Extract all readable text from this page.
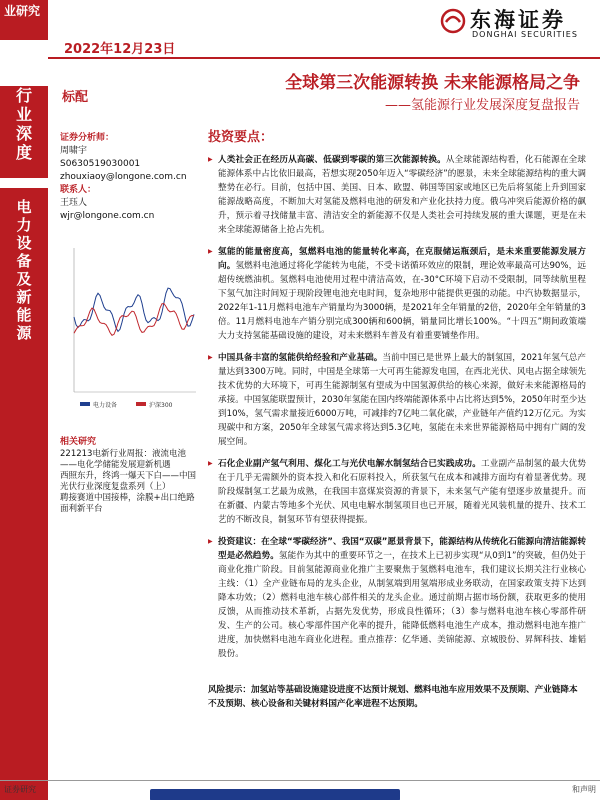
业研究
2022年12月23日
东海证券
DONGHAI SECURITIES
行业深度
电力设备及新能源
标配
全球第三次能源转换 未来能源格局之争
——氢能源行业发展深度复盘报告
证券分析师：
周啸宇
S0630519030001
zhouxiaoy@longone.com.cn
联系人：
王珏人
wjr@longone.com.cn
电力设备	沪深300
相关研究
221213电新行业周报：液流电池——电化学储能发展迎新机遇
西照东升，终鸿一爆天下白——中国光伏行业深度复盘系列（上）
聘接赛道中国接棒，涂膜+出口绝路面利新平台
投资要点：
▶ 人类社会正在经历从高碳、低碳到零碳的第三次能源转换。从全球能源结构看，化石能源在全球能源体系中占比依旧最高，若想实现2050年迈入“零碳经济”的愿景，未来全球能源结构的重大调整势在必行。目前，包括中国、美国、日本、欧盟、韩国等国家或地区已先后将氢能上升到国家能源战略高度，不断加大对氢能及燃料电池的研发和产业化扶持力度。俄乌冲突后能源价格的飙升，预示着寻找储量丰富、清洁安全的新能源不仅是人类社会可持续发展的重大课题，更是在未来全球能源储备上抢占先机。
▶ 氢能的能量密度高，氢燃料电池的能量转化率高，在克服储运瓶颈后，是未来重要能源发展方向。氢燃料电池通过将化学能转为电能，不受卡诺循环效应的限制，理论效率最高可达90%，远超传统燃油机。氢燃料电池使用过程中清洁高效，在-30°C环境下启动不受限制，同等续航里程下氢气加注时间短于现阶段锂电池充电时间，复杂地形中能提供更强的动能。中汽协数据显示，2022年1-11月燃料电池车产销量均为3000辆，是2021年全年销量的2倍，2020年全年销量的3倍。11月燃料电池车产销分别完成300辆和600辆，销量同比增长100%。“十四五”期间政策端大力支持氢能基础设施的建设，对未来燃料车普及有着重要铺垫作用。
▶ 中国具备丰富的氢能供给经验和产业基础。当前中国已是世界上最大的制氢国，2021年氢气总产量达到3300万吨。同时，中国是全球第一大可再生能源发电国，在西北光伏、风电占据全球领先技术优势的大环境下，可再生能源制氢有望成为中国氢源供给的核心来源，做好未来能源格局的承接。中国氢能联盟预计，2030年氢能在国内终端能源体系中占比将达到5%，2050年时至少达到10%，氢气需求量接近6000万吨，可减排约7亿吨二氧化碳，产业链年产值约12万亿元。为实现碳中和方案，2050年全球氢气需求将达到5.3亿吨，氢能在未来世界能源格局中拥有广阔的发展空间。
▶ 石化企业副产氢气利用、煤化工与光伏电解水制氢结合已实践成功。工业副产品制氢的最大优势在于几乎无需额外的资本投入和化石原料投入，所获氢气在成本和减排方面均有着显著优势。现阶段煤制氢工艺最为成熟，在我国丰富煤炭资源的背景下，未来氢气产能有望逐步放量提升。而在新疆、内蒙古等地多个光伏、风电电解水制氢项目也已开展，随着光风装机量的提升、技术工艺的不断改良，制氢环节有望获得提振。
▶ 投资建议：在全球“零碳经济”、我国“双碳”愿景背景下，能源结构从传统化石能源向清洁能源转型是必然趋势。氢能作为其中的重要环节之一，在技术上已初步实现“从0到1”的突破，但仍处于商业化推广阶段。目前氢能源商业化推广主要聚焦于氢燃料电池车，我们建议长期关注行业核心主线：（1）全产业链布局的龙头企业，从制氢端到用氢端形成业务联动，在国家政策支持下达到降本功效；（2）燃料电池车核心部件相关的龙头企业。通过前期占据市场份额，获取更多的使用反馈，从而推动技术革新，占据先发优势，形成良性循环；（3）参与燃料电池车核心零部件研发、生产的公司。核心零部件国产化率的提升，能降低燃料电池生产成本，推动燃料电池车推广进度，加快燃料电池车商业化进程。重点推荐：亿华通、美锦能源、京城股份、昇辉科技、雄韬股份。
风险提示：加氢站等基础设施建设进度不达预计规划、燃料电池车应用效果不及预期、产业链降本不及预期、核心设备和关键材料国产化率进程不达预期。
证券研究	和声明
